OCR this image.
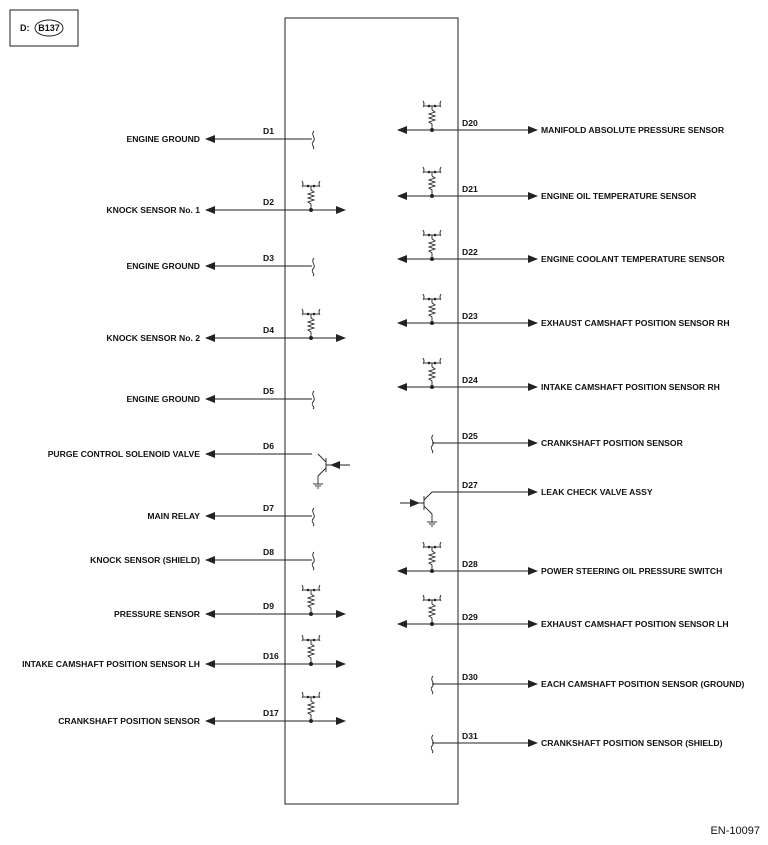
D: B137
EN-10097
ENGINE GROUND
D1
KNOCK SENSOR No. 1
D2
ENGINE GROUND
D3
KNOCK SENSOR No. 2
D4
ENGINE GROUND
D5
PURGE CONTROL SOLENOID VALVE
D6
MAIN RELAY
D7
KNOCK SENSOR (SHIELD)
D8
PRESSURE SENSOR
D9
INTAKE CAMSHAFT POSITION SENSOR LH
D16
CRANKSHAFT POSITION SENSOR
D17
MANIFOLD ABSOLUTE PRESSURE SENSOR
D20
ENGINE OIL TEMPERATURE SENSOR
D21
ENGINE COOLANT TEMPERATURE SENSOR
D22
EXHAUST CAMSHAFT POSITION SENSOR RH
D23
INTAKE CAMSHAFT POSITION SENSOR RH
D24
CRANKSHAFT POSITION SENSOR
D25
LEAK CHECK VALVE ASSY
D27
POWER STEERING OIL PRESSURE SWITCH
D28
EXHAUST CAMSHAFT POSITION SENSOR LH
D29
EACH CAMSHAFT POSITION SENSOR (GROUND)
D30
CRANKSHAFT POSITION SENSOR (SHIELD)
D31
